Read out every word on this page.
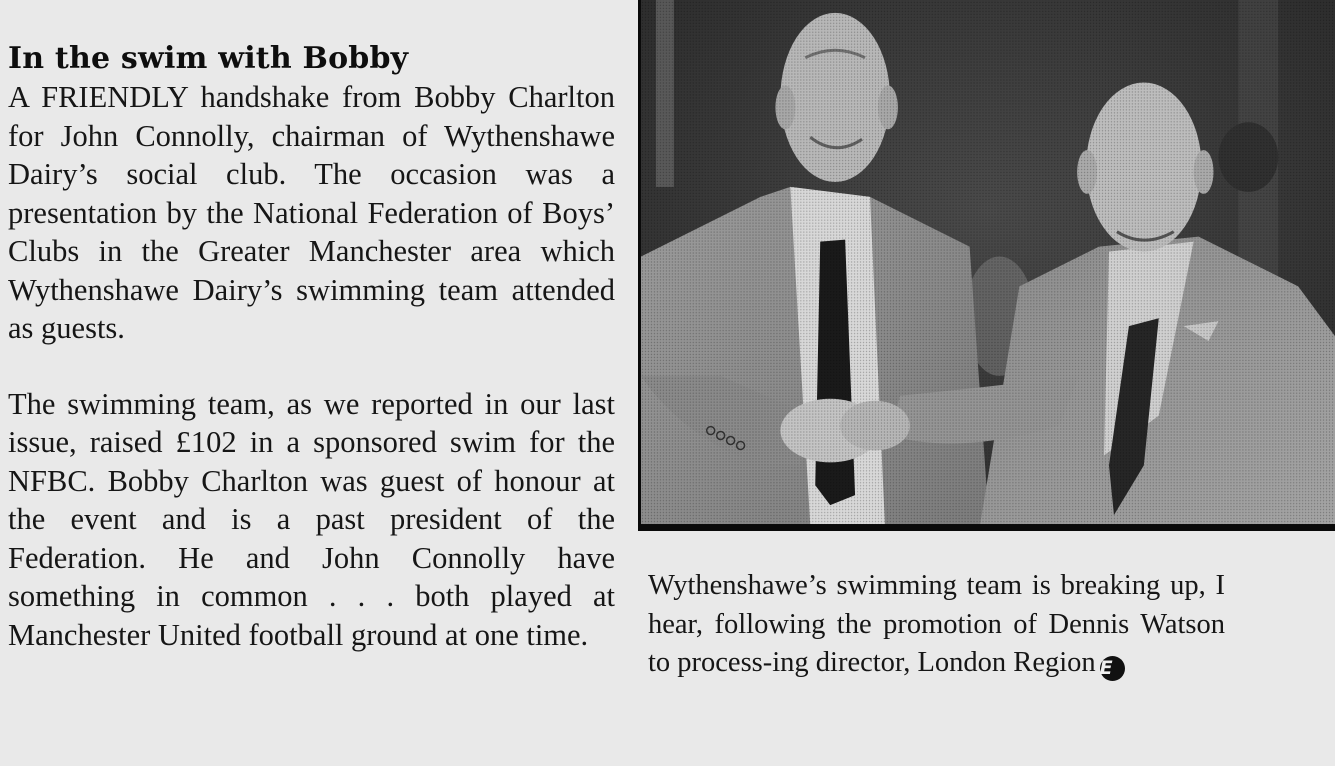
In the swim with Bobby

A FRIENDLY handshake from Bobby Charlton for John Connolly, chairman of Wythenshawe Dairy’s social club. The occasion was a presentation by the National Federation of Boys’ Clubs in the Greater Manchester area which Wythenshawe Dairy’s swimming team attended as guests.

The swimming team, as we reported in our last issue, raised £102 in a sponsored swim for the NFBC. Bobby Charlton was guest of honour at the event and is a past president of the Federation. He and John Connolly have something in common . . . both played at Manchester United football ground at one time.

Wythenshawe’s swimming team is breaking up, I hear, following the promotion of Dennis Watson to process-ing director, London Region E
